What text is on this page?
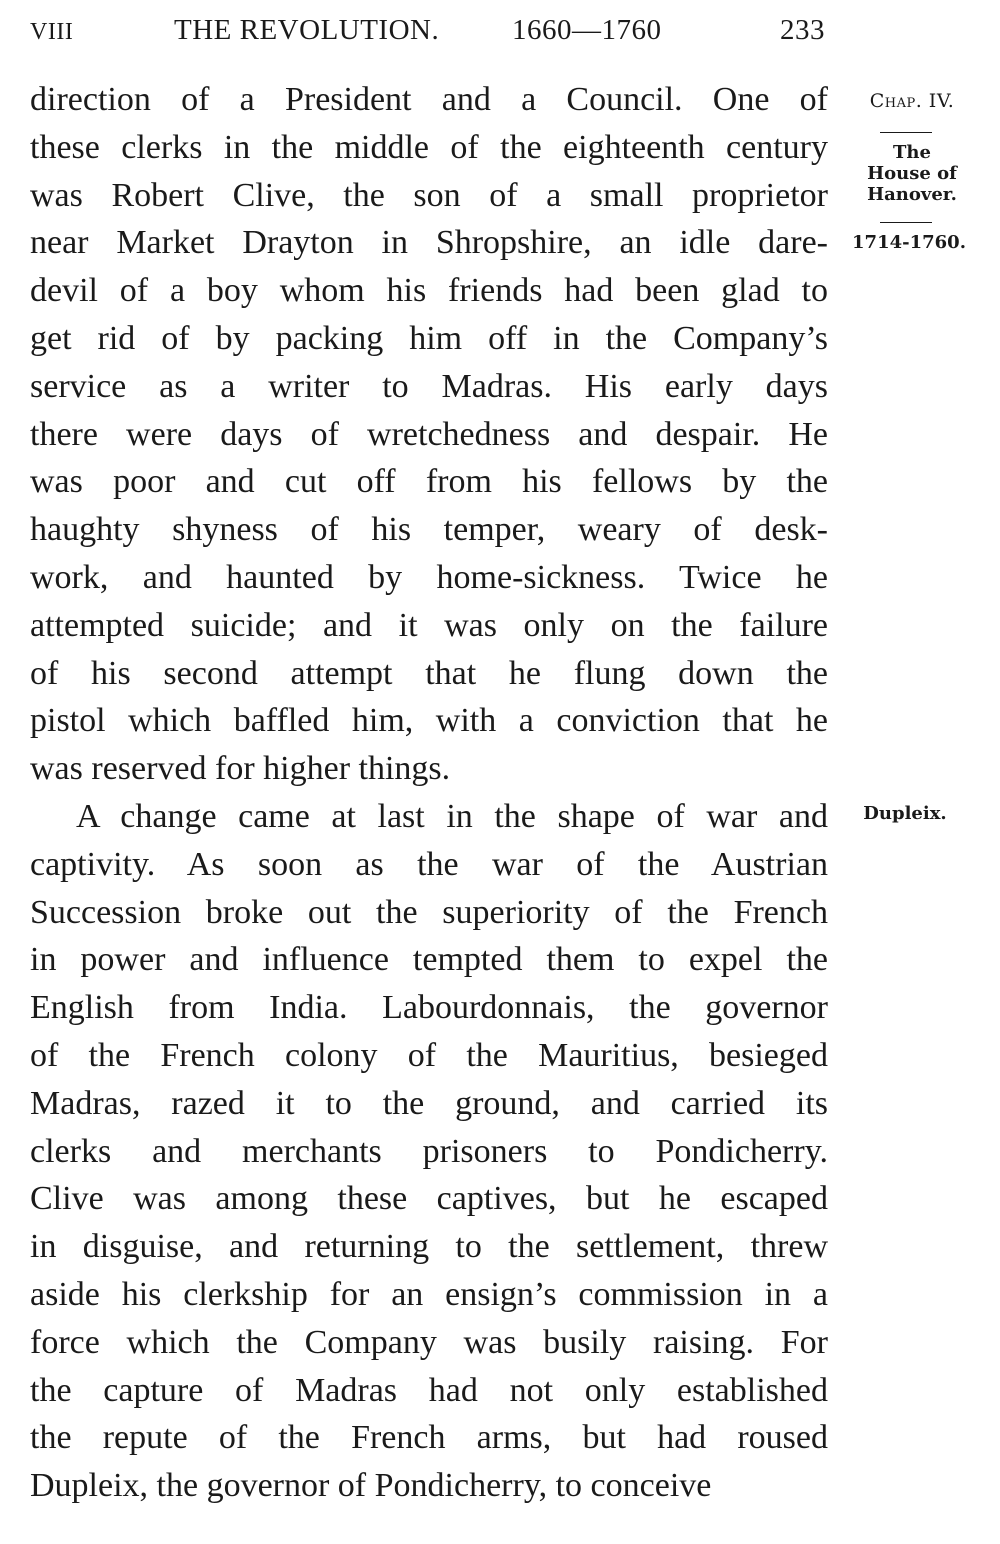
VIII	THE REVOLUTION.	1660—1760	233
direction of a President and a Council. One of
these clerks in the middle of the eighteenth century
was Robert Clive, the son of a small proprietor
near Market Drayton in Shropshire, an idle dare-
devil of a boy whom his friends had been glad to
get rid of by packing him off in the Company’s
service as a writer to Madras. His early days
there were days of wretchedness and despair. He
was poor and cut off from his fellows by the
haughty shyness of his temper, weary of desk-
work, and haunted by home-sickness. Twice he
attempted suicide; and it was only on the failure
of his second attempt that he flung down the
pistol which baffled him, with a conviction that he
was reserved for higher things.
A change came at last in the shape of war and
captivity. As soon as the war of the Austrian
Succession broke out the superiority of the French
in power and influence tempted them to expel the
English from India. Labourdonnais, the governor
of the French colony of the Mauritius, besieged
Madras, razed it to the ground, and carried its
clerks and merchants prisoners to Pondicherry.
Clive was among these captives, but he escaped
in disguise, and returning to the settlement, threw
aside his clerkship for an ensign’s commission in a
force which the Company was busily raising. For
the capture of Madras had not only established
the repute of the French arms, but had roused
Dupleix, the governor of Pondicherry, to conceive
Chap. IV.
The
House of
Hanover.
1714-1760.
Dupleix.
